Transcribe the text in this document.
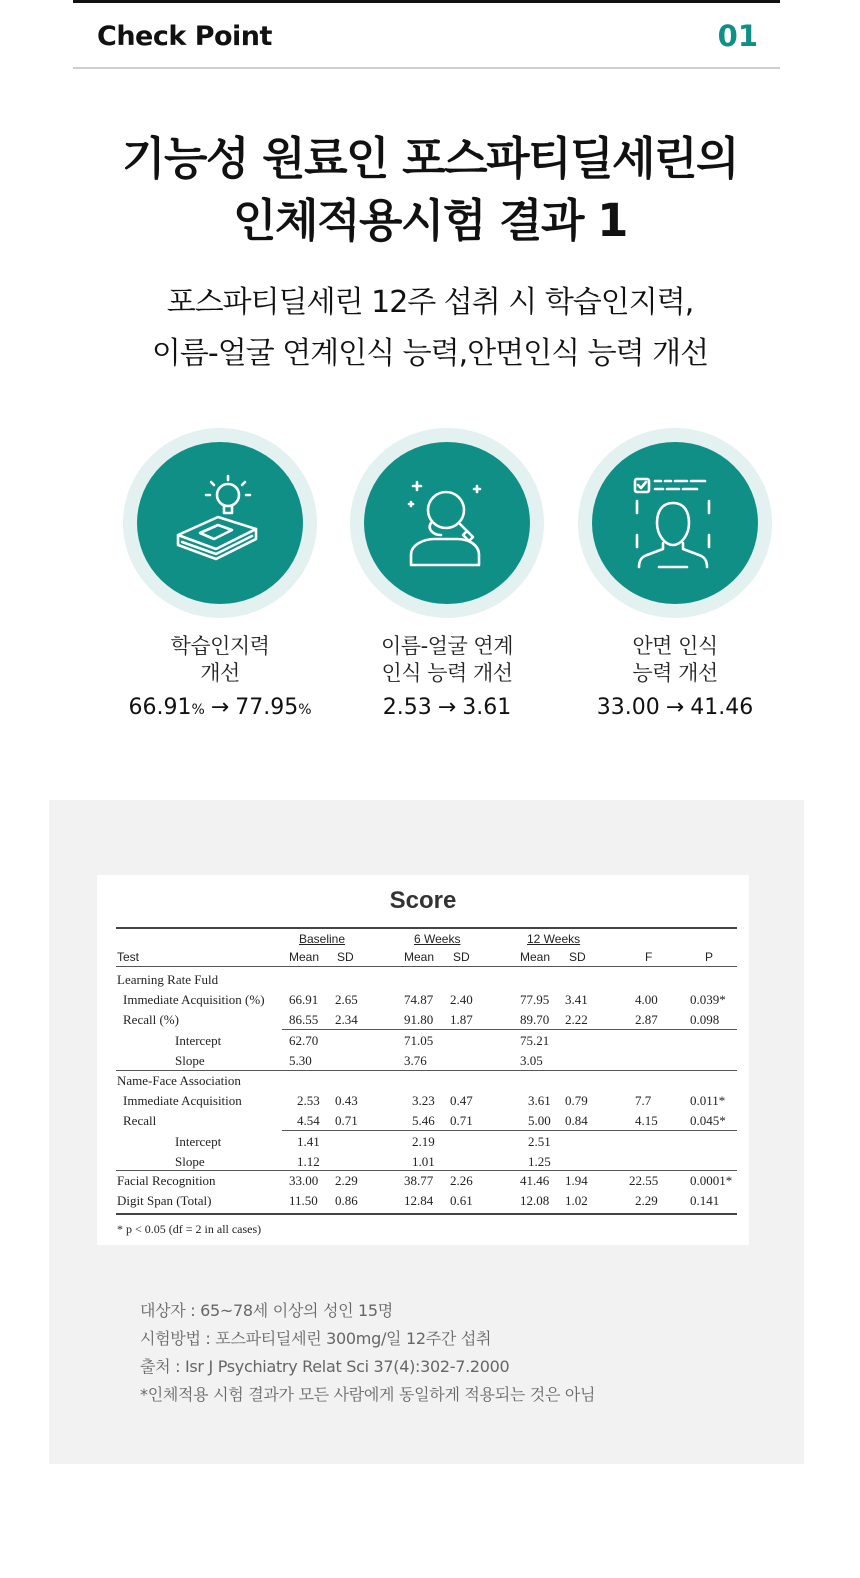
Check Point	01
기능성 원료인 포스파티딜세린의
인체적용시험 결과 1
포스파티딜세린 12주 섭취 시 학습인지력,
이름-얼굴 연계인식 능력,안면인식 능력 개선
학습인지력
개선
66.91% → 77.95%
이름-얼굴 연계
인식 능력 개선
2.53 → 3.61
안면 인식
능력 개선
33.00 → 41.46
Score
Baseline	6 Weeks	12 Weeks
Test	Mean SD	Mean SD	Mean SD	F	P
Learning Rate Fuld
Immediate Acquisition (%) 66.91 2.65	74.87 2.40	77.95 3.41	4.00 0.039*
Recall (%)	86.55 2.34	91.80 1.87	89.70 2.22	2.87 0.098
Intercept	62.70	71.05	75.21
Slope	5.30	3.76	3.05
Name-Face Association
Immediate Acquisition	2.53 0.43	3.23 0.47	3.61 0.79	7.7	0.011*
Recall	4.54 0.71	5.46 0.71	5.00 0.84	4.15 0.045*
Intercept	1.41	2.19	2.51
Slope	1.12	1.01	1.25
Facial Recognition	33.00 2.29	38.77 2.26	41.46 1.94	22.55 0.0001*
Digit Span (Total)	11.50 0.86	12.84 0.61	12.08 1.02	2.29 0.141
* p < 0.05 (df = 2 in all cases)
대상자 : 65~78세 이상의 성인 15명
시험방법 : 포스파티딜세린 300mg/일 12주간 섭취
출처 : Isr J Psychiatry Relat Sci 37(4):302-7.2000
*인체적용 시험 결과가 모든 사람에게 동일하게 적용되는 것은 아님
